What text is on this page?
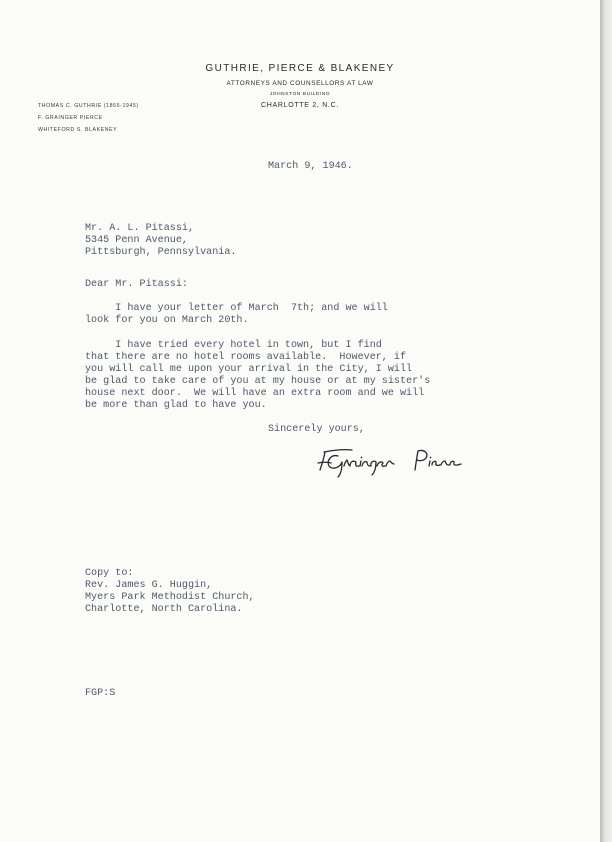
GUTHRIE, PIERCE & BLAKENEY

ATTORNEYS AND COUNSELLORS AT LAW

JOHNSTON BUILDING

CHARLOTTE 2, N.C.

THOMAS C. GUTHRIE (1865-1945)
F. GRAINGER PIERCE
WHITEFORD S. BLAKENEY

March 9, 1946.

Mr. A. L. Pitassi,

5345 Penn Avenue,

Pittsburgh, Pennsylvania.

Dear Mr. Pitassi:

I have your letter of March  7th; and we will

look for you on March 20th.

I have tried every hotel in town, but I find

that there are no hotel rooms available.  However, if

you will call me upon your arrival in the City, I will

be glad to take care of you at my house or at my sister's

house next door.  We will have an extra room and we will

be more than glad to have you.

Sincerely yours,

Copy to:

Rev. James G. Huggin,

Myers Park Methodist Church,

Charlotte, North Carolina.

FGP:S
